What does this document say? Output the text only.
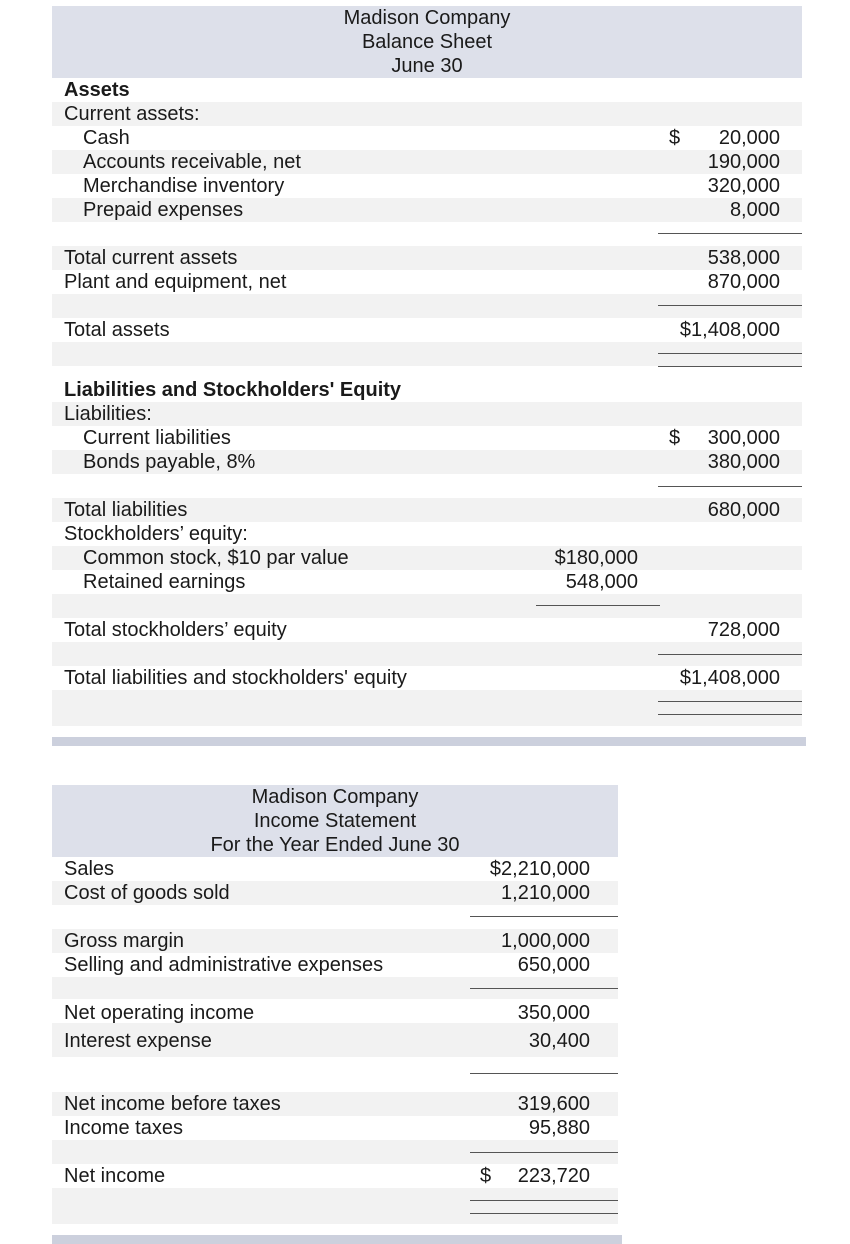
Madison Company
Balance Sheet
June 30
Assets
Current assets:
Cash	$	20,000
Accounts receivable, net	190,000
Merchandise inventory	320,000
Prepaid expenses	8,000
Total current assets	538,000
Plant and equipment, net	870,000
Total assets	$1,408,000
Liabilities and Stockholders' Equity
Liabilities:
Current liabilities	$	300,000
Bonds payable, 8%	380,000
Total liabilities	680,000
Stockholders’ equity:
Common stock, $10 par value	$180,000
Retained earnings	548,000
Total stockholders’ equity	728,000
Total liabilities and stockholders' equity	$1,408,000
Madison Company
Income Statement
For the Year Ended June 30
Sales	$2,210,000
Cost of goods sold	1,210,000
Gross margin	1,000,000
Selling and administrative expenses	650,000
Net operating income	350,000
Interest expense	30,400
Net income before taxes	319,600
Income taxes	95,880
Net income	$	223,720
